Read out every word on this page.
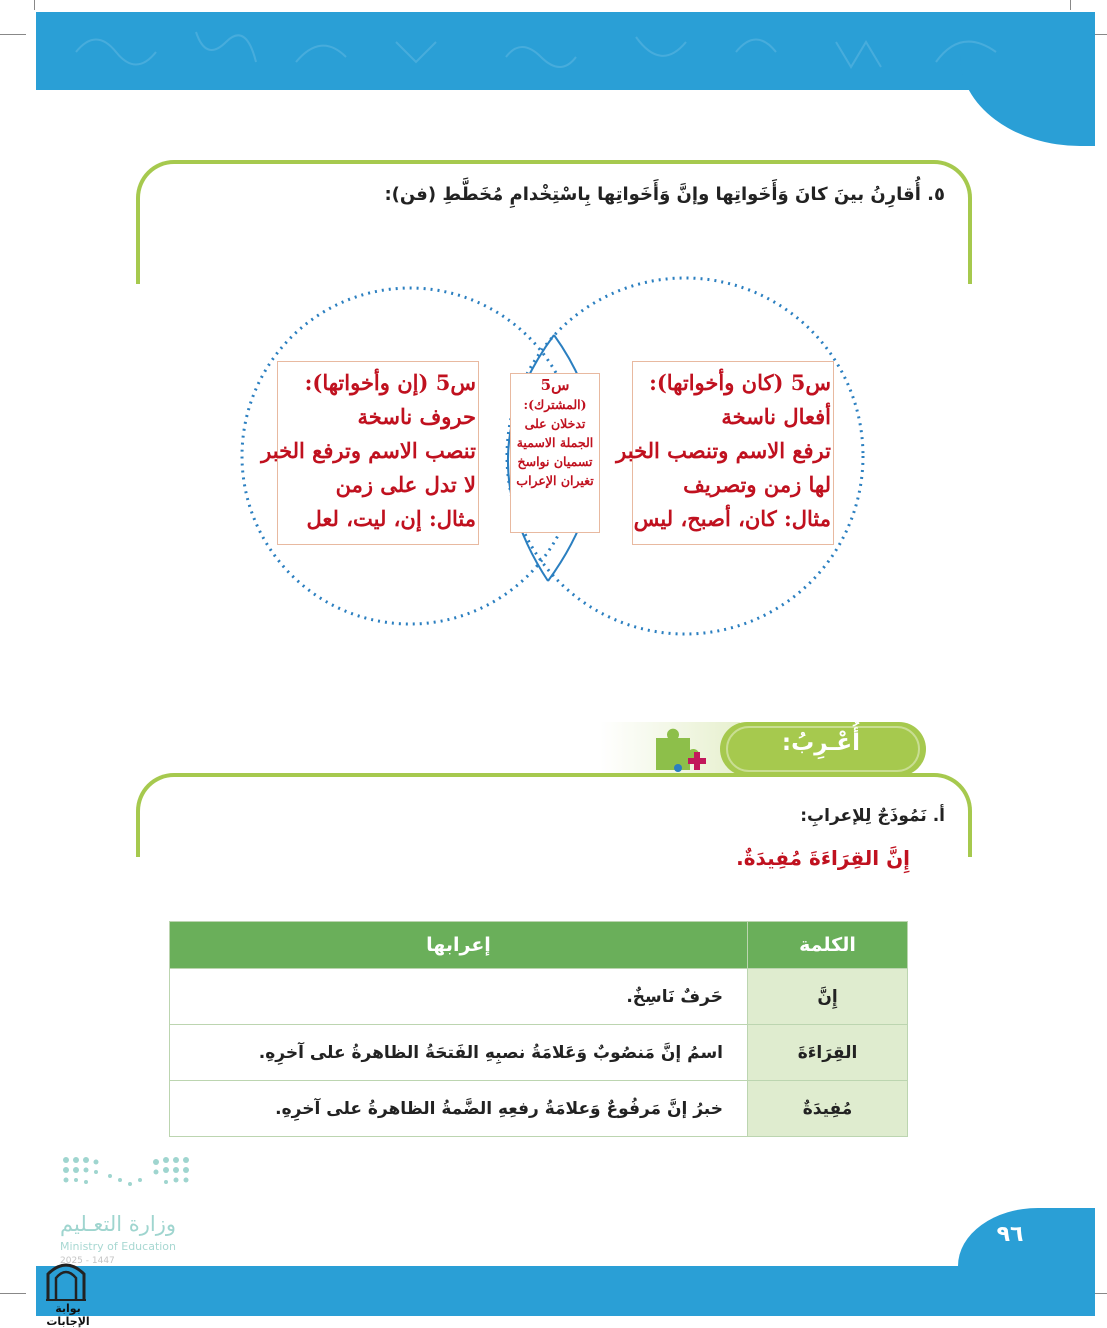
٥. أُقارِنُ بينَ كانَ وَأَخَواتِها وإنَّ وَأَخَواتِها بِاسْتِخْدامِ مُخَطَّطِ (فن):
س5 (كان وأخواتها):
أفعال ناسخة
ترفع الاسم وتنصب الخبر
لها زمن وتصريف
مثال: كان، أصبح، ليس
س5 (إن وأخواتها):
حروف ناسخة
تنصب الاسم وترفع الخبر
لا تدل على زمن
مثال: إن، ليت، لعل
س5
(المشترك):
تدخلان على
الجملة الاسمية
تسميان نواسخ
تغيران الإعراب
أُعْـرِبُ:
أ. نَمُوذَجٌ لِلإعرابِ:
إِنَّ القِرَاءَةَ مُفِيدَةٌ.
الكلمة	إعرابها
إِنَّ	حَرفٌ نَاسِخٌ.
القِرَاءَةَ	اسمُ إنَّ مَنصُوبٌ وَعَلامَةُ نصبِهِ الفَتحَةُ الظاهرةُ على آخرِهِ.
مُفِيدَةٌ	خبرُ إنَّ مَرفُوعٌ وَعلامَةُ رفعِهِ الضَّمةُ الظاهرةُ على آخرِهِ.
وزارة التعـليم
Ministry of Education
2025 - 1447
٩٦
بوابة الإجابات
